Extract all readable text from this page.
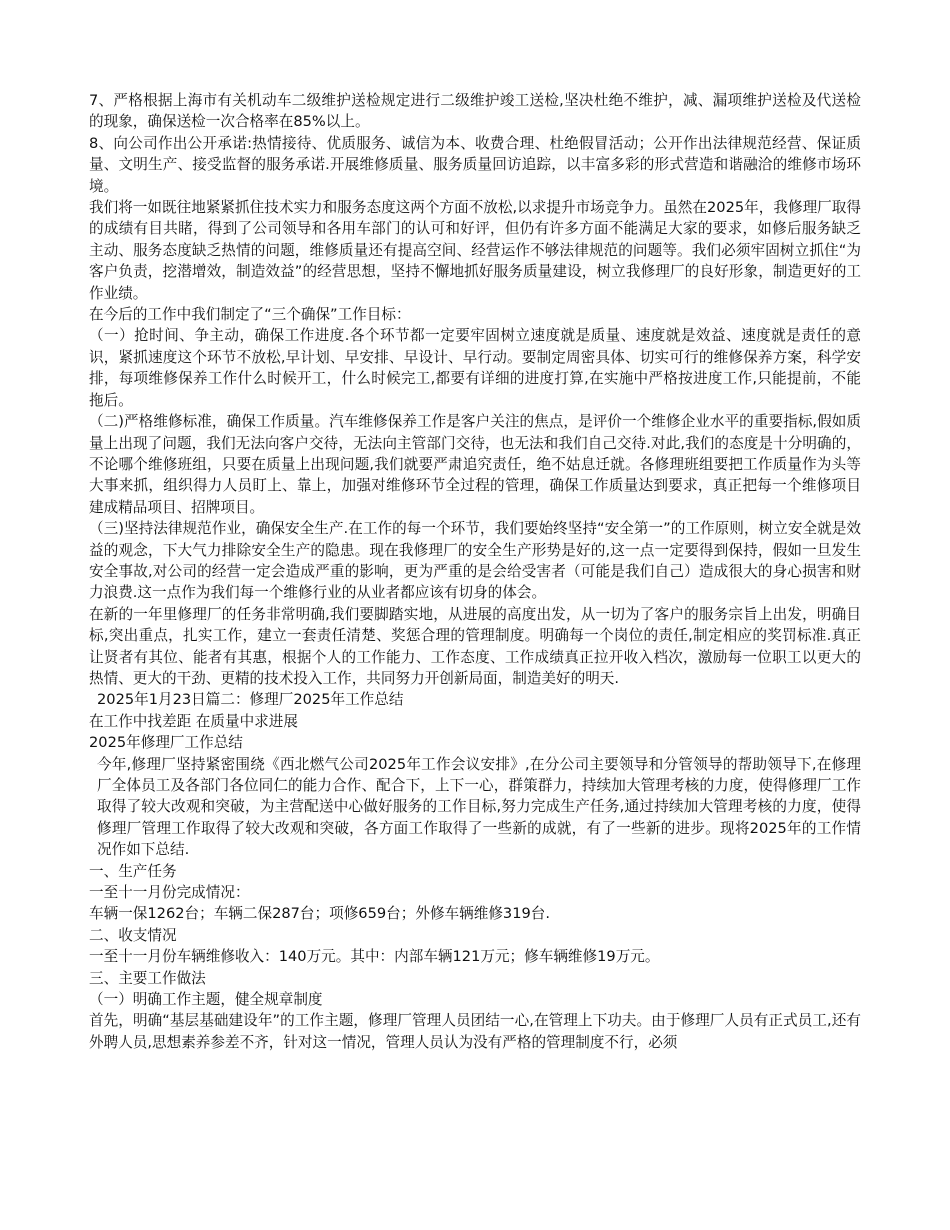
7、严格根据上海市有关机动车二级维护送检规定进行二级维护竣工送检,坚决杜绝不维护，减、漏项维护送检及代送检的现象，确保送检一次合格率在85%以上。

8、向公司作出公开承诺:热情接待、优质服务、诚信为本、收费合理、杜绝假冒活动；公开作出法律规范经营、保证质量、文明生产、接受监督的服务承诺.开展维修质量、服务质量回访追踪，以丰富多彩的形式营造和谐融洽的维修市场环境。

我们将一如既往地紧紧抓住技术实力和服务态度这两个方面不放松,以求提升市场竞争力。虽然在2025年，我修理厂取得的成绩有目共睹，得到了公司领导和各用车部门的认可和好评，但仍有许多方面不能满足大家的要求，如修后服务缺乏主动、服务态度缺乏热情的问题，维修质量还有提高空间、经营运作不够法律规范的问题等。我们必须牢固树立抓住“为客户负责，挖潜增效，制造效益”的经营思想，坚持不懈地抓好服务质量建设，树立我修理厂的良好形象，制造更好的工作业绩。

在今后的工作中我们制定了“三个确保”工作目标：

（一）抢时间、争主动，确保工作进度.各个环节都一定要牢固树立速度就是质量、速度就是效益、速度就是责任的意识，紧抓速度这个环节不放松,早计划、早安排、早设计、早行动。要制定周密具体、切实可行的维修保养方案，科学安排，每项维修保养工作什么时候开工，什么时候完工,都要有详细的进度打算,在实施中严格按进度工作,只能提前，不能拖后。

（二)严格维修标准，确保工作质量。汽车维修保养工作是客户关注的焦点，是评价一个维修企业水平的重要指标,假如质量上出现了问题，我们无法向客户交待，无法向主管部门交待，也无法和我们自己交待.对此,我们的态度是十分明确的，不论哪个维修班组，只要在质量上出现问题,我们就要严肃追究责任，绝不姑息迁就。各修理班组要把工作质量作为头等大事来抓，组织得力人员盯上、靠上，加强对维修环节全过程的管理，确保工作质量达到要求，真正把每一个维修项目建成精品项目、招牌项目。

（三)坚持法律规范作业，确保安全生产.在工作的每一个环节，我们要始终坚持“安全第一”的工作原则，树立安全就是效益的观念，下大气力排除安全生产的隐患。现在我修理厂的安全生产形势是好的,这一点一定要得到保持，假如一旦发生安全事故,对公司的经营一定会造成严重的影响，更为严重的是会给受害者（可能是我们自己）造成很大的身心损害和财力浪费.这一点作为我们每一个维修行业的从业者都应该有切身的体会。

在新的一年里修理厂的任务非常明确,我们要脚踏实地，从进展的高度出发，从一切为了客户的服务宗旨上出发，明确目标,突出重点，扎实工作，建立一套责任清楚、奖惩合理的管理制度。明确每一个岗位的责任,制定相应的奖罚标准.真正让贤者有其位、能者有其惠，根据个人的工作能力、工作态度、工作成绩真正拉开收入档次，激励每一位职工以更大的热情、更大的干劲、更精的技术投入工作，共同努力开创新局面，制造美好的明天.

2025年1月23日篇二：修理厂2025年工作总结

在工作中找差距 在质量中求进展

2025年修理厂工作总结

今年,修理厂坚持紧密围绕《西北燃气公司2025年工作会议安排》,在分公司主要领导和分管领导的帮助领导下,在修理厂全体员工及各部门各位同仁的能力合作、配合下，上下一心，群策群力，持续加大管理考核的力度，使得修理厂工作取得了较大改观和突破，为主营配送中心做好服务的工作目标,努力完成生产任务,通过持续加大管理考核的力度，使得修理厂管理工作取得了较大改观和突破，各方面工作取得了一些新的成就，有了一些新的进步。现将2025年的工作情况作如下总结.

一、生产任务

一至十一月份完成情况：

车辆一保1262台；车辆二保287台；项修659台；外修车辆维修319台.

二、收支情况

一至十一月份车辆维修收入：140万元。其中：内部车辆121万元；修车辆维修19万元。

三、主要工作做法

（一）明确工作主题，健全规章制度

首先，明确“基层基础建设年”的工作主题，修理厂管理人员团结一心,在管理上下功夫。由于修理厂人员有正式员工,还有外聘人员,思想素养参差不齐，针对这一情况，管理人员认为没有严格的管理制度不行，必须
